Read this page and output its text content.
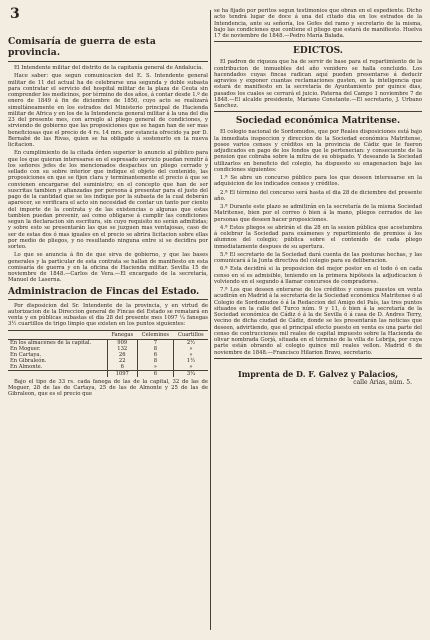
3
Comisaría de guerra de esta provincia.

El Intendente militar del distrito de la capitanía general de Andalucía.

Hace saber: que segun comunicacion del E. S. Intendente general militar de 11 del actual ha de celebrarse una segunda y doble subasta para contratar el servicio del hospital militar de la plaza de Ceuta sin comprender los medicinos, por término de dos años, á contar desde 1.º de enero de 1849 á fin de diciembre de 1850, cuyo acto se realizará simultáneamente en los estrados del Ministerio principal de Hacienda militar de Africa y en los de la Intendencia general militar á la una del dia 23 del presente mes, con arreglo al pliego general de condiciones, y sirviendo de gobierno que las proposiciones que se hagan han de ser mas beneficiosas que el precio de 4 rs. 14 mrs. por estancia ofrecido ya por D. Bernabé de las Rivas, quien se ha obligado á sostenerlo en la nueva licitacion.

En cumplimiento de la citada órden superior lo anuncio al público para que los que quieran interesarse en el espresado servicio puedan remitir á los señores jefes de los mencionados despachos un pliego cerrado y sellado con su sobre interior que indique el objeto del contenido, las proposiciones en que se fijen clara y terminantemente el precio á que se convienen encargarse del suministro; en el concepto que han de ser suscritas tambien y afianzadas por persona á presentar para el justo del pago de la cantidad que se les indique por la subasta de la cual deberán aparecer, se verificara el acto sin necesidad de contar un tanto por ciento del importe de la contrata y de las existencias o algunas que estas tambien puedan prevenir, asi como obligarse á cumplir las condiciones segun la declaracion sin escritura, sin cuyo requisito no serán admitidas; y sobre esto se presentarán las que se juzguen mas ventajosas, caso de ser de estas dos ó mas iguales en el precio se abrira licitacion sobre ellas por medio de pliegos, y no resultando ninguna entre si se decidira por sorteo.

Lo que se anuncia á fin de que sirva de gobierno, y que las bases generales y la particular de esta contrata se hallan de manifiesto en esta comisaría de guerra y en la oficina de Hacienda militar. Sevilla 15 de noviembre de 1848.—Carlos de Vera.—El encargado de la secretaría, Manuel de Laserna.

Administracion de Fincas del Estado.

Por disposicion del Sr. Intendente de la provincia, y en virtud de autorizacion de la Direccion general de Fincas del Estado se rematará en venta y en públicas subastas el dia 28 del presente mes 1097 ¼ fanegas 3½ cuartillos de trigo limpio que existen en los puntos siguientes:

	Fanegas	Celemines	Cuartillos
En los almacenes de la capital.	909	7	2½
En Moguer.	132	8	»
En Cartaya.	26	6	»
En Gibraleón.	22	8	1½
En Almonte.	6	»	»
	1097	6	3¼

Bajo el tipo de 33 rs. cada fanega de las de la capital, 32 de las de Moguer, 28 de las de Cartaya, 25 de las de Almonte y 25 de las de Gibraleon, que es el precio que

se ha fijado por peritos segun testimonios que obran en el espediente. Dicho acto tendrá lugar de doce á una del citado dia en los estrados de la Intendencia, ante su señoría, los Gefes del ramo y secretario de la misma, bajo las condiciones que contiene el pliego que estará de manifiesto. Huelva 17 de noviembre de 1848.—Pedro María Balada.
EDICTOS.

El padron de riqueza que ha de servir de base para el repartimiento de la contribucion de inmuebles del año venidero se halla concluido. Los hacendados cuyas fincas radican aquí pueden presentarse á deducir agravios y exponer cuantas reclamaciones gusten, en la inteligencia que estará de manifiesto en la secretaría de Ayuntamiento por quince dias, pasados los cuales se cerrará el juicio. Paterna del Campo 1 noviembre 7 de 1848.—El alcalde presidente, Mariano Constante.—El secretario, J. Urbano Sanchez.

Sociedad económica Matritense.

El colegio nacional de Sordomudos, que por Reales disposiciones está bajo la inmediata inspeccion y direccion de la Sociedad económica Matritense, posee varios censos y créditos en la provincia de Cádiz que le fueron adjudicados en pago de los fondos que le pertenecian: y consecuente de la pension que cobraba sobre la mitra de su obispado. Y deseando la Sociedad utilizarlos en beneficio del colegio, ha dispuesto su enagenacion bajo las condiciones siguientes:

1.ª Se abre un concurso público para los que deseen interesarse en la adquisicion de los indicados censos y créditos.

2.ª El término del concurso será hasta el dia 28 de diciembre del presente año.

3.ª Durante este plazo se admitirán en la secretaría de la misma Sociedad Matritense, bien por el correo ó bien á la mano, pliegos cerrados de las personas que deseen hacer proposiciones.

4.ª Estos pliegos se abrirán el dia 28 en la sesion pública que acostumbra á celebrar la Sociedad para exámenes y repartimiento de premios á los alumnos del colegio; pública sobre el contenido de cada pliego inmediatamente despues de su apertura.

5.ª El secretario de la Sociedad dará cuenta de las posturas hechas, y las comunicará á la Junta directiva del colegio para su deliberacion.

6.ª Esta decidirá si la proposicion del mejor postor en el todo ó en cada censo en sí es admisible, teniendo en la primera hipótesis la adjudicacion ó volviendo en el segundo á llamar concursos de compradores.

7.ª Los que deseen enterarse de los créditos y censos puestos en venta acudirán en Madrid á la secretaría de la Sociedad económica Matritense ó al Colegio de Sordomudos ó á la Redaccion del Amigo del País, las tres puntos situados en la calle del Turco núm. 9 y 11, ó bien á la secretaría de la Sociedad económica de Cádiz ó á la de Sevilla ó á casa de D. Andres Terry, vecino de dicha ciudad de Cádiz, donde se les presentarán las noticias que deseen, advirtiendo, que el principal efecto puesto en venta es una parte del censo de contrucciones mil reales de capital impuesto sobre la Hacienda de olivar nombrada Gorjá, situada en el término de la villa de Lebrija, por cuya parte están obrando al colegio quince mil reales vellon. Madrid 6 de noviembre de 1848.—Francisco Hilarion Bravo, secretario.

Imprenta de D. F. Galvez y Palacios,
calle Arias, núm. 5.
